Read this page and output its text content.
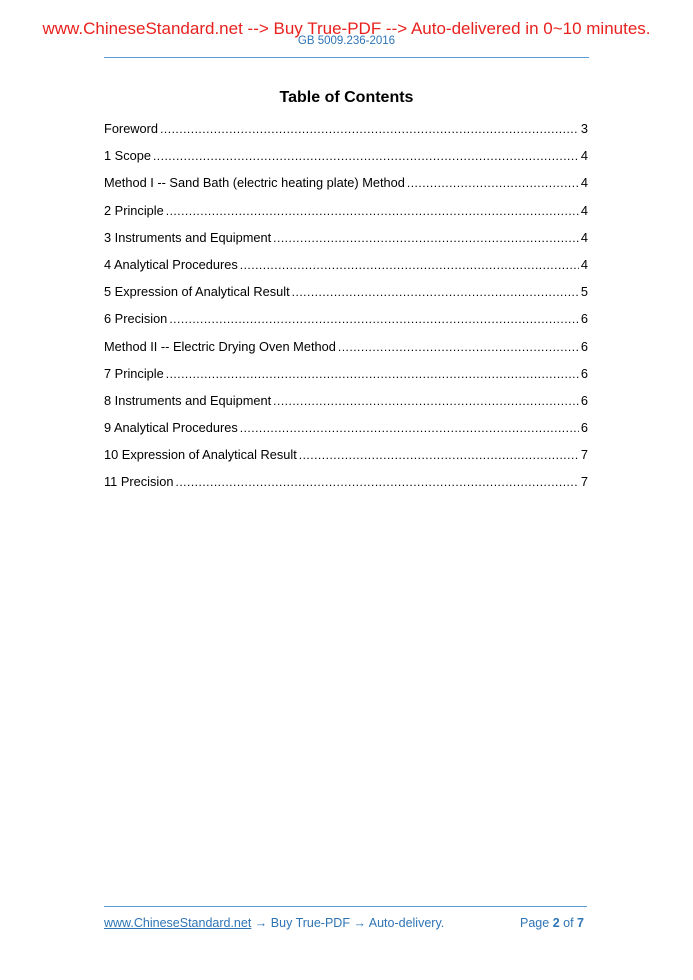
www.ChineseStandard.net --> Buy True-PDF --> Auto-delivered in 0~10 minutes.
GB 5009.236-2016
Table of Contents
Foreword .....	3
1 Scope .....	4
Method I -- Sand Bath (electric heating plate) Method .....	4
2 Principle .....	4
3 Instruments and Equipment .....	4
4 Analytical Procedures .....	4
5 Expression of Analytical Result .....	5
6 Precision .....	6
Method II -- Electric Drying Oven Method .....	6
7 Principle .....	6
8 Instruments and Equipment .....	6
9 Analytical Procedures .....	6
10 Expression of Analytical Result .....	7
11 Precision .....	7
www.ChineseStandard.net → Buy True-PDF → Auto-delivery.	Page 2 of 7
